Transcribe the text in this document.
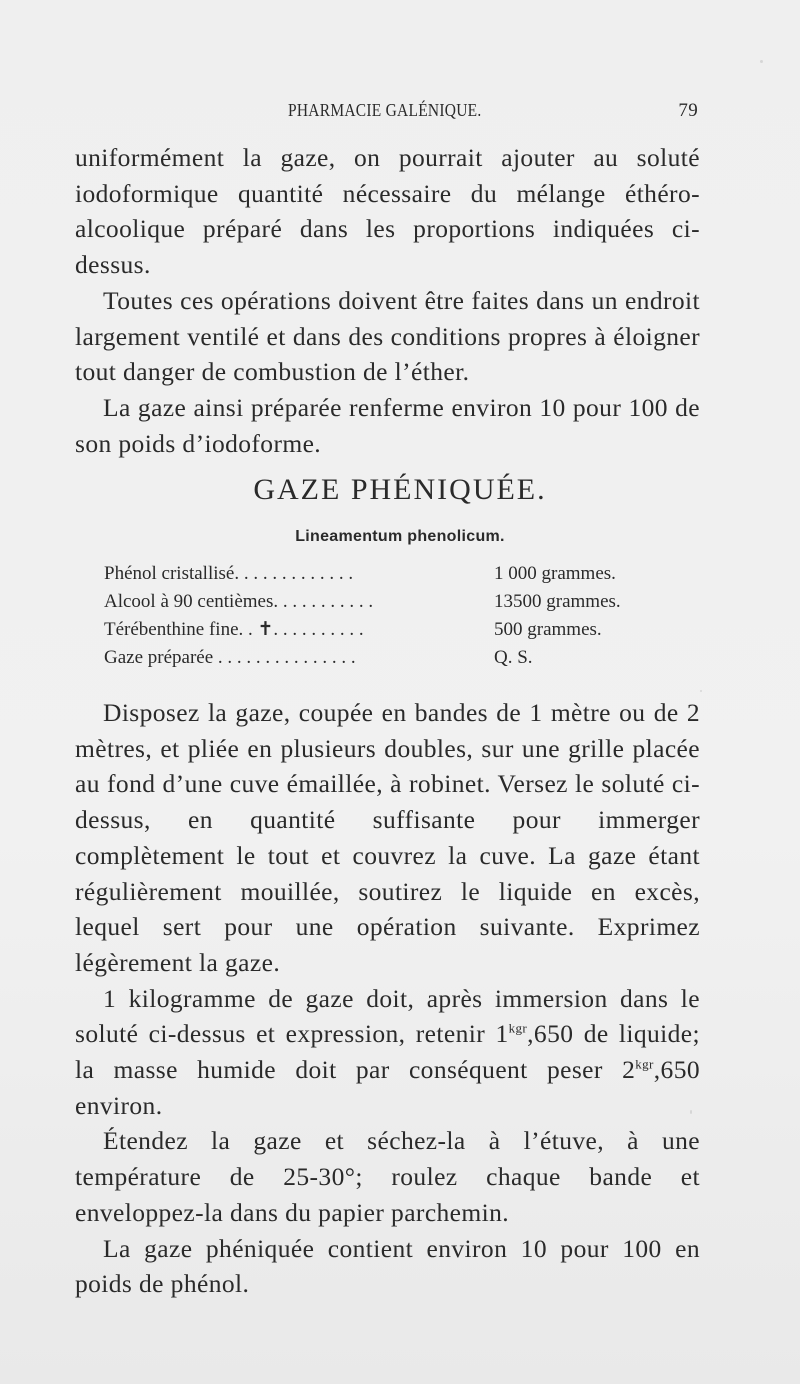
PHARMACIE GALÉNIQUE.	79

uniformément la gaze, on pourrait ajouter au soluté iodoformique quantité nécessaire du mélange éthéro-alcoolique préparé dans les proportions indiquées ci-dessus.

Toutes ces opérations doivent être faites dans un endroit largement ventilé et dans des conditions propres à éloigner tout danger de combustion de l’éther.

La gaze ainsi préparée renferme environ 10 pour 100 de son poids d’iodoforme.

GAZE PHÉNIQUÉE.
Lineamentum phenolicum.
Phénol cristallisé. . . . . . . . . . . . .	1 000 grammes.
Alcool à 90 centièmes. . . . . . . . . . .	13500 grammes.
Térébenthine fine. . ✝. . . . . . . . . .	500 grammes.
Gaze préparée . . . . . . . . . . . . . . .	Q. S.

Disposez la gaze, coupée en bandes de 1 mètre ou de 2 mètres, et pliée en plusieurs doubles, sur une grille placée au fond d’une cuve émaillée, à robinet. Versez le soluté ci-dessus, en quantité suffisante pour immerger complètement le tout et couvrez la cuve. La gaze étant régulièrement mouillée, soutirez le liquide en excès, lequel sert pour une opération suivante. Exprimez légèrement la gaze.

1 kilogramme de gaze doit, après immersion dans le soluté ci-dessus et expression, retenir $1^{kgr},650$ de liquide; la masse humide doit par conséquent peser $2^{kgr},650$ environ.

Étendez la gaze et séchez-la à l’étuve, à une température de 25-30°; roulez chaque bande et enveloppez-la dans du papier parchemin.

La gaze phéniquée contient environ 10 pour 100 en poids de phénol.
